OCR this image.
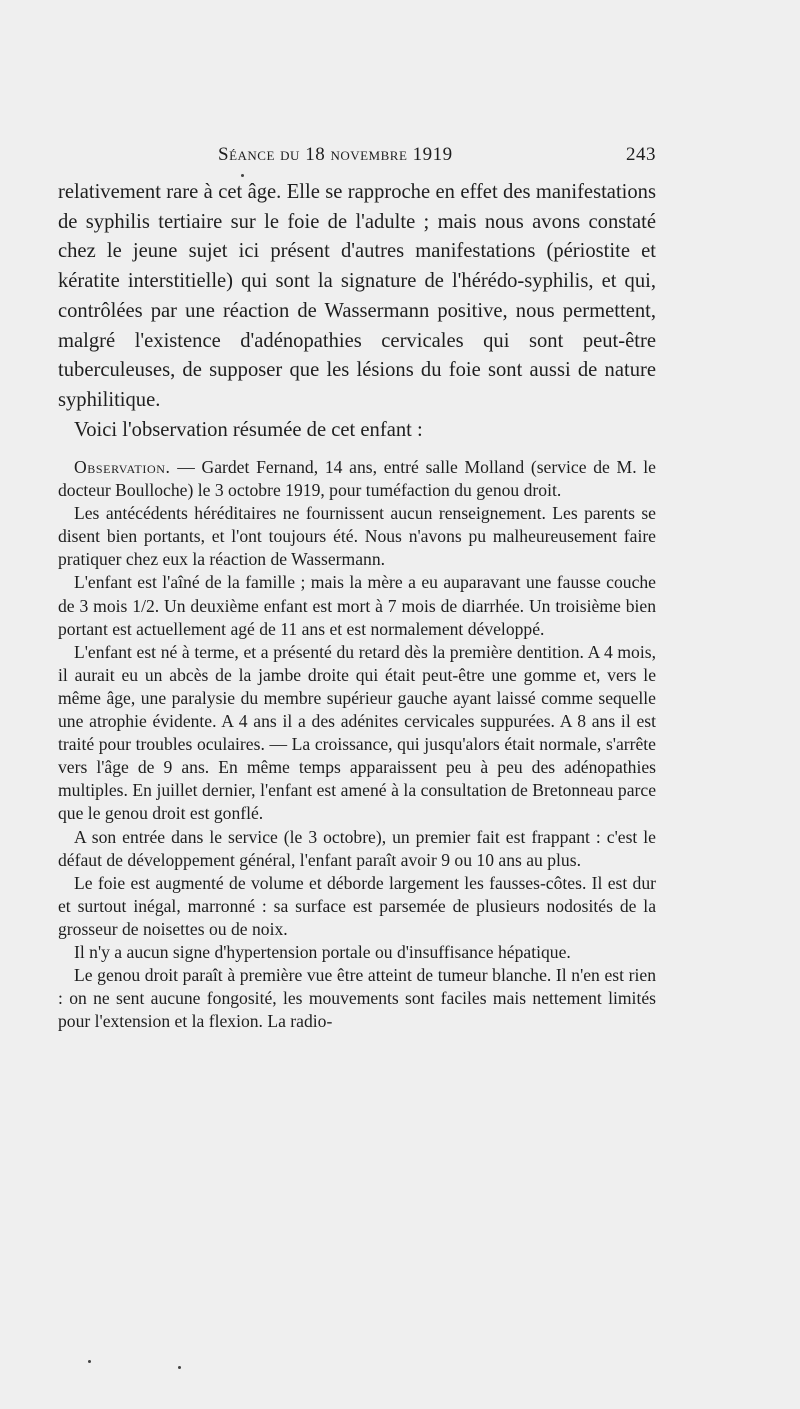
Séance du 18 novembre 1919	243

relativement rare à cet âge. Elle se rapproche en effet des manifestations de syphilis tertiaire sur le foie de l'adulte ; mais nous avons constaté chez le jeune sujet ici présent d'autres manifestations (périostite et kératite interstitielle) qui sont la signature de l'hérédo-syphilis, et qui, contrôlées par une réaction de Wassermann positive, nous permettent, malgré l'existence d'adénopathies cervicales qui sont peut-être tuberculeuses, de supposer que les lésions du foie sont aussi de nature syphilitique.

Voici l'observation résumée de cet enfant :

Observation. — Gardet Fernand, 14 ans, entré salle Molland (service de M. le docteur Boulloche) le 3 octobre 1919, pour tuméfaction du genou droit.

Les antécédents héréditaires ne fournissent aucun renseignement. Les parents se disent bien portants, et l'ont toujours été. Nous n'avons pu malheureusement faire pratiquer chez eux la réaction de Wassermann.

L'enfant est l'aîné de la famille ; mais la mère a eu auparavant une fausse couche de 3 mois 1/2. Un deuxième enfant est mort à 7 mois de diarrhée. Un troisième bien portant est actuellement agé de 11 ans et est normalement développé.

L'enfant est né à terme, et a présenté du retard dès la première dentition. A 4 mois, il aurait eu un abcès de la jambe droite qui était peut-être une gomme et, vers le même âge, une paralysie du membre supérieur gauche ayant laissé comme sequelle une atrophie évidente. A 4 ans il a des adénites cervicales suppurées. A 8 ans il est traité pour troubles oculaires. — La croissance, qui jusqu'alors était normale, s'arrête vers l'âge de 9 ans. En même temps apparaissent peu à peu des adénopathies multiples. En juillet dernier, l'enfant est amené à la consultation de Bretonneau parce que le genou droit est gonflé.

A son entrée dans le service (le 3 octobre), un premier fait est frappant : c'est le défaut de développement général, l'enfant paraît avoir 9 ou 10 ans au plus.

Le foie est augmenté de volume et déborde largement les fausses-côtes. Il est dur et surtout inégal, marronné : sa surface est parsemée de plusieurs nodosités de la grosseur de noisettes ou de noix.

Il n'y a aucun signe d'hypertension portale ou d'insuffisance hépatique.

Le genou droit paraît à première vue être atteint de tumeur blanche. Il n'en est rien : on ne sent aucune fongosité, les mouvements sont faciles mais nettement limités pour l'extension et la flexion. La radio-
